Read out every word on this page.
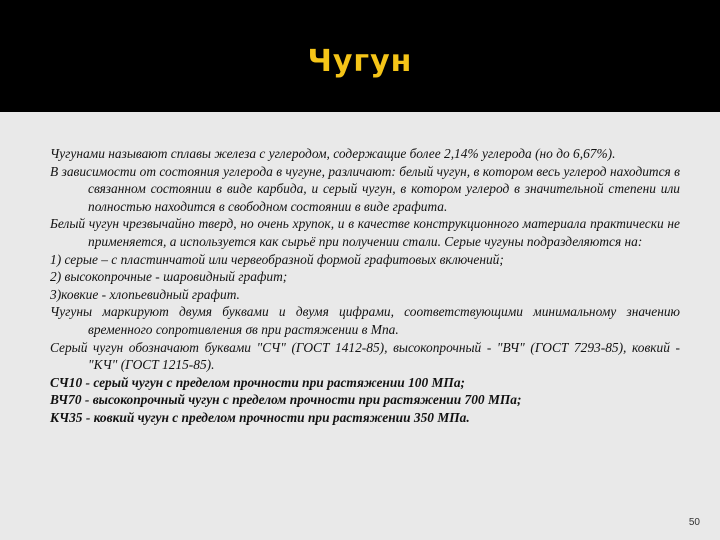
Чугун

Чугунами называют сплавы железа с углеродом, содержащие более 2,14% углерода (но до 6,67%).

В зависимости от состояния углерода в чугуне, различают: белый чугун, в котором весь углерод находится в связанном состоянии в виде карбида, и серый чугун, в котором углерод в значительной степени или полностью находится в свободном состоянии в виде графита.

Белый чугун чрезвычайно тверд, но очень хрупок, и в качестве конструкционного материала практически не применяется, а используется как сырьё при получении стали. Серые чугуны подразделяются на:

1) серые – с пластинчатой или червеобразной формой графитовых включений;

2) высокопрочные - шаровидный графит;

3)ковкие - хлопьевидный графит.

Чугуны маркируют двумя буквами и двумя цифрами, соответствующими минимальному значению временного сопротивления σв при растяжении в Мпа.

Серый чугун обозначают буквами "СЧ" (ГОСТ 1412-85), высокопрочный - "ВЧ" (ГОСТ 7293-85), ковкий - "КЧ" (ГОСТ 1215-85).

СЧ10 - серый чугун с пределом прочности при растяжении 100 МПа;

ВЧ70 - высокопрочный чугун с пределом прочности при растяжении 700 МПа;

КЧ35 - ковкий чугун с пределом прочности при растяжении 350 МПа.

50
